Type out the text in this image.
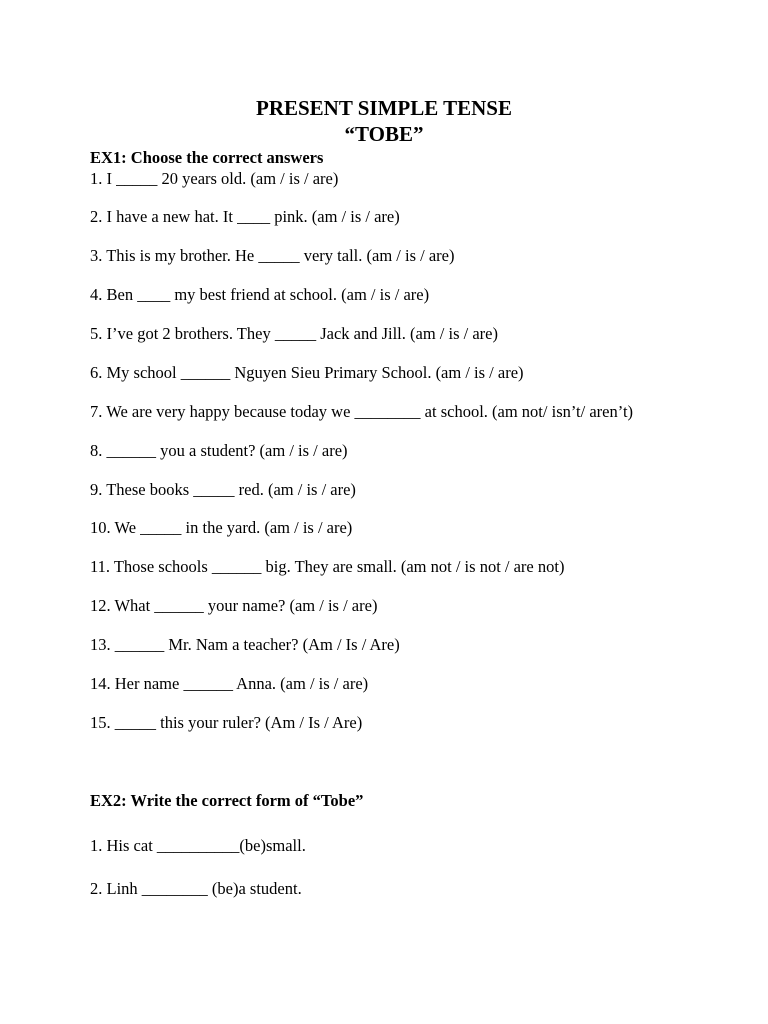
PRESENT SIMPLE TENSE
“TOBE”
EX1: Choose the correct answers
1. I _____ 20 years old. (am / is / are)
2. I have a new hat. It ____ pink. (am / is / are)
3. This is my brother. He _____ very tall. (am / is / are)
4. Ben ____ my best friend at school. (am / is / are)
5. I’ve got 2 brothers. They _____ Jack and Jill. (am / is / are)
6. My school ______ Nguyen Sieu Primary School. (am / is / are)
7. We are very happy because today we ________ at school. (am not/ isn’t/ aren’t)
8. ______ you a student? (am / is / are)
9. These books _____ red. (am / is / are)
10. We _____ in the yard. (am / is / are)
11. Those schools ______ big. They are small. (am not / is not / are not)
12. What ______ your name? (am / is / are)
13. ______ Mr. Nam a teacher? (Am / Is / Are)
14. Her name ______ Anna. (am / is / are)
15. _____ this your ruler? (Am / Is / Are)
EX2: Write the correct form of “Tobe”
1. His cat __________(be)small.
2. Linh ________ (be)a student.
